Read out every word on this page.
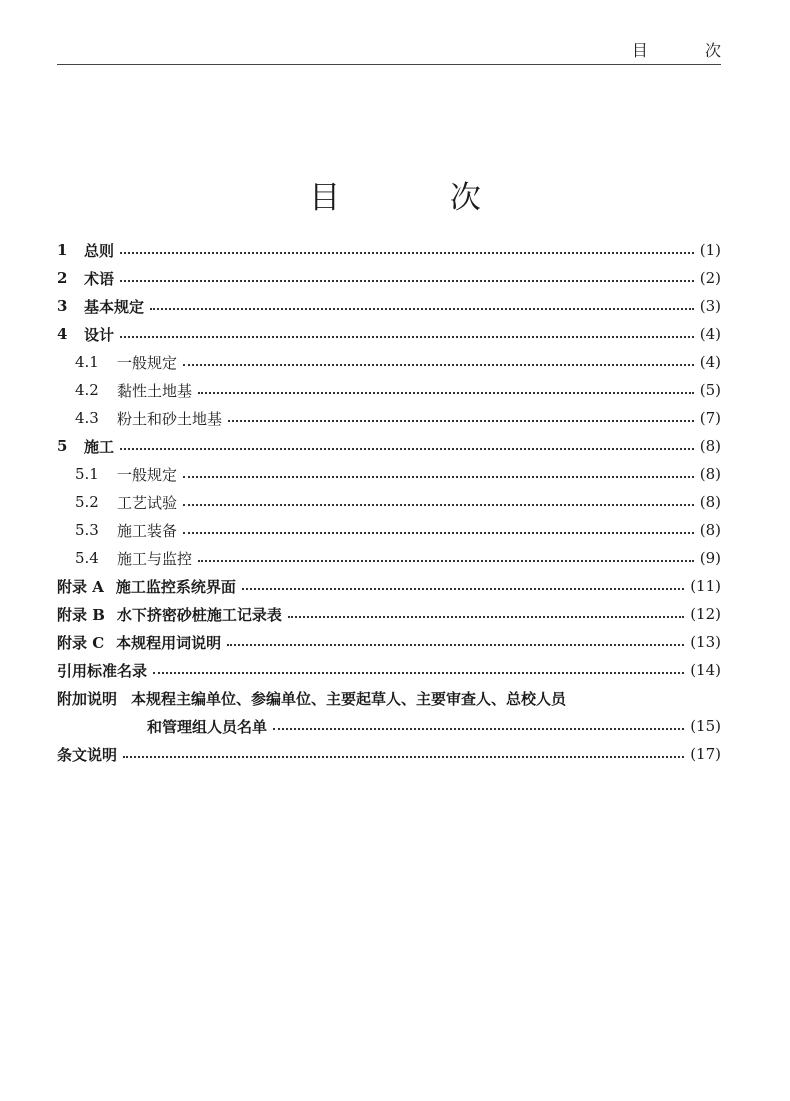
目 次
目 次
1	总则	(1)
2	术语	(2)
3	基本规定	(3)
4	设计	(4)
4.1	一般规定	(4)
4.2	黏性土地基	(5)
4.3	粉土和砂土地基	(7)
5	施工	(8)
5.1	一般规定	(8)
5.2	工艺试验	(8)
5.3	施工装备	(8)
5.4	施工与监控	(9)
附录 A 施工监控系统界面	(11)
附录 B 水下挤密砂桩施工记录表	(12)
附录 C 本规程用词说明	(13)
引用标准名录	(14)
附加说明 本规程主编单位、参编单位、主要起草人、主要审查人、总校人员
和管理组人员名单	(15)
条文说明	(17)
